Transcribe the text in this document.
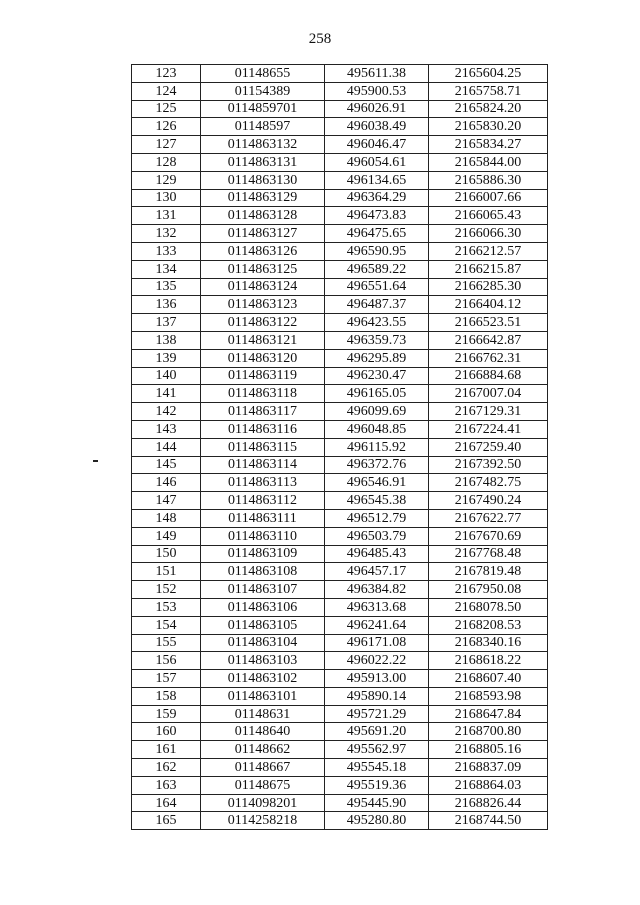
258
123	01148655	495611.38	2165604.25
124	01154389	495900.53	2165758.71
125	0114859701	496026.91	2165824.20
126	01148597	496038.49	2165830.20
127	0114863132	496046.47	2165834.27
128	0114863131	496054.61	2165844.00
129	0114863130	496134.65	2165886.30
130	0114863129	496364.29	2166007.66
131	0114863128	496473.83	2166065.43
132	0114863127	496475.65	2166066.30
133	0114863126	496590.95	2166212.57
134	0114863125	496589.22	2166215.87
135	0114863124	496551.64	2166285.30
136	0114863123	496487.37	2166404.12
137	0114863122	496423.55	2166523.51
138	0114863121	496359.73	2166642.87
139	0114863120	496295.89	2166762.31
140	0114863119	496230.47	2166884.68
141	0114863118	496165.05	2167007.04
142	0114863117	496099.69	2167129.31
143	0114863116	496048.85	2167224.41
144	0114863115	496115.92	2167259.40
145	0114863114	496372.76	2167392.50
146	0114863113	496546.91	2167482.75
147	0114863112	496545.38	2167490.24
148	0114863111	496512.79	2167622.77
149	0114863110	496503.79	2167670.69
150	0114863109	496485.43	2167768.48
151	0114863108	496457.17	2167819.48
152	0114863107	496384.82	2167950.08
153	0114863106	496313.68	2168078.50
154	0114863105	496241.64	2168208.53
155	0114863104	496171.08	2168340.16
156	0114863103	496022.22	2168618.22
157	0114863102	495913.00	2168607.40
158	0114863101	495890.14	2168593.98
159	01148631	495721.29	2168647.84
160	01148640	495691.20	2168700.80
161	01148662	495562.97	2168805.16
162	01148667	495545.18	2168837.09
163	01148675	495519.36	2168864.03
164	0114098201	495445.90	2168826.44
165	0114258218	495280.80	2168744.50
